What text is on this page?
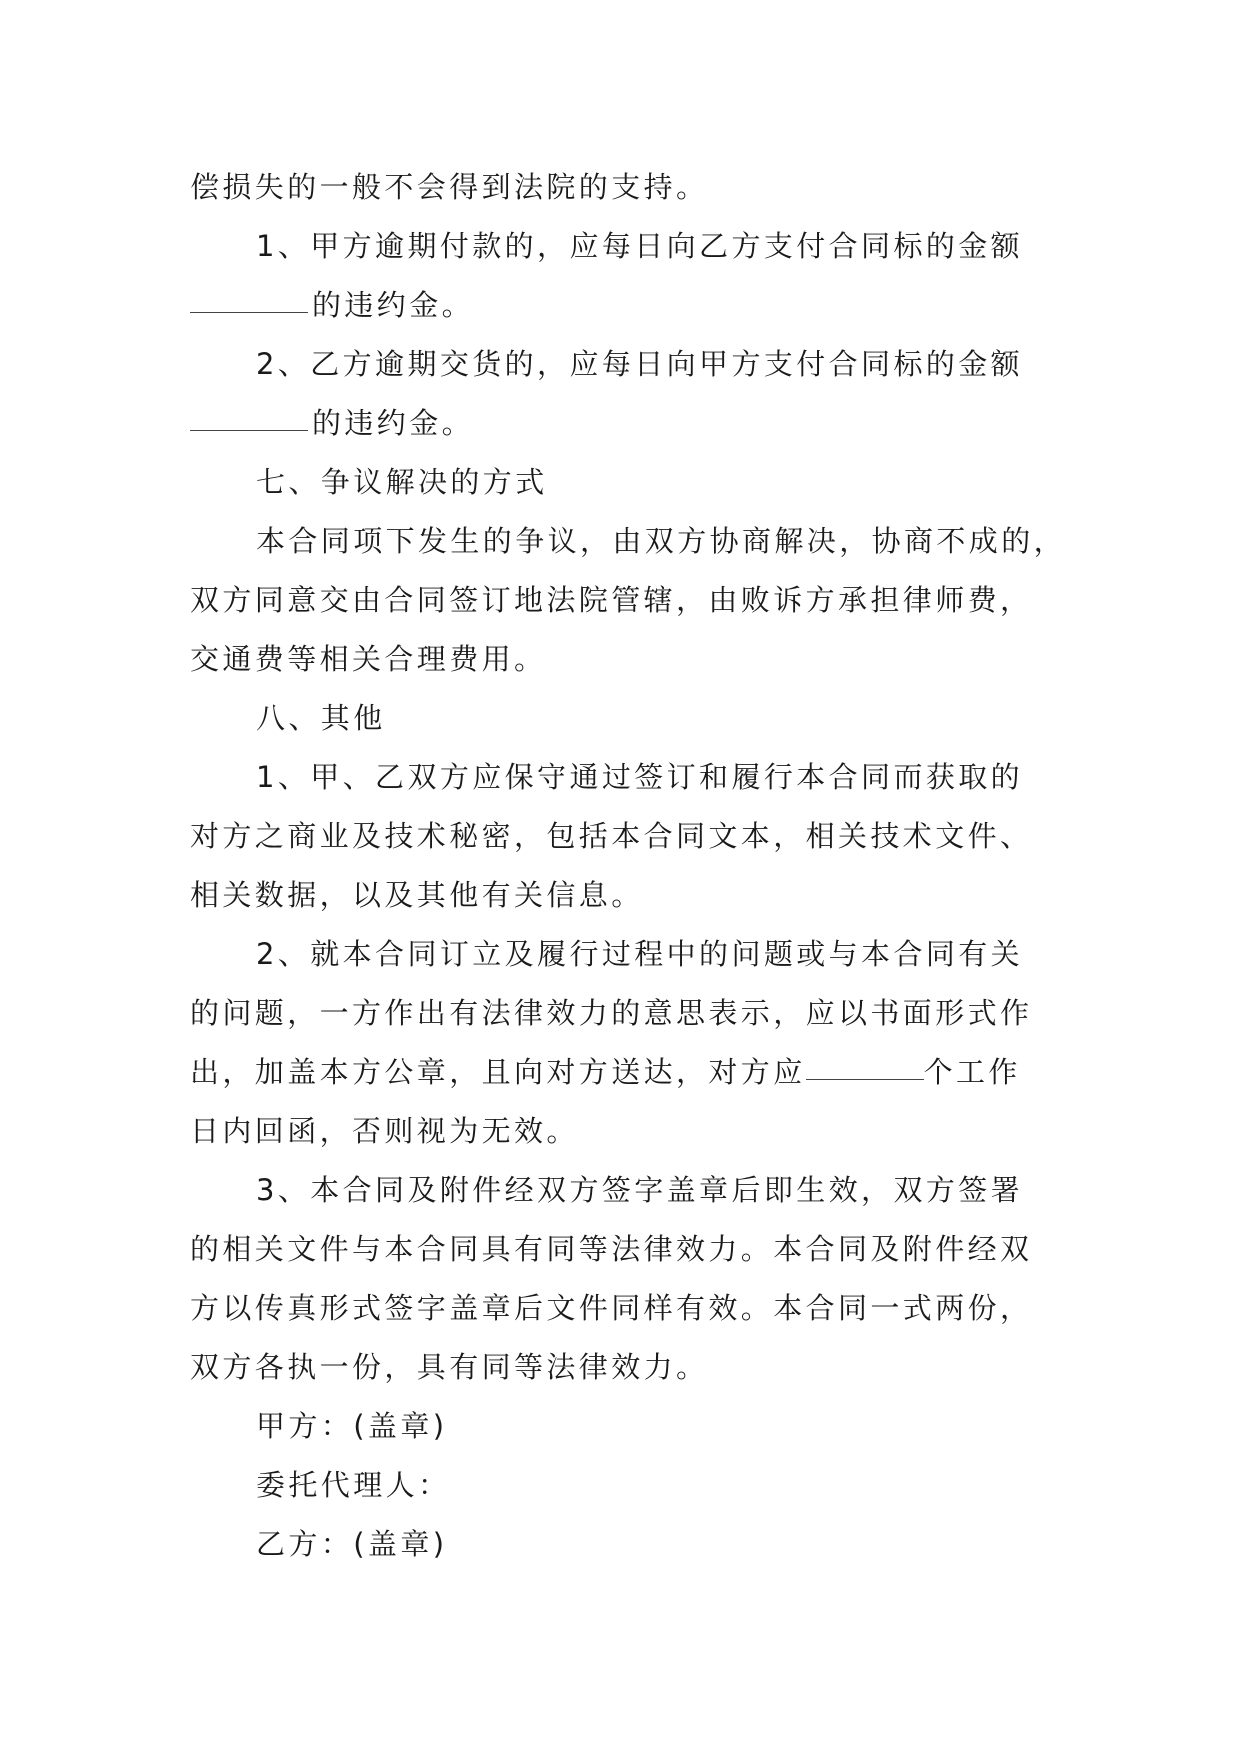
偿损失的一般不会得到法院的支持。
1、甲方逾期付款的，应每日向乙方支付合同标的金额
的违约金。
2、乙方逾期交货的，应每日向甲方支付合同标的金额
的违约金。
七、争议解决的方式
本合同项下发生的争议，由双方协商解决，协商不成的，
双方同意交由合同签订地法院管辖，由败诉方承担律师费，
交通费等相关合理费用。
八、其他
1、甲、乙双方应保守通过签订和履行本合同而获取的
对方之商业及技术秘密，包括本合同文本，相关技术文件、
相关数据，以及其他有关信息。
2、就本合同订立及履行过程中的问题或与本合同有关
的问题，一方作出有法律效力的意思表示，应以书面形式作
出，加盖本方公章，且向对方送达，对方应	个工作
日内回函，否则视为无效。
3、本合同及附件经双方签字盖章后即生效，双方签署
的相关文件与本合同具有同等法律效力。本合同及附件经双
方以传真形式签字盖章后文件同样有效。本合同一式两份，
双方各执一份，具有同等法律效力。
甲方：(盖章)
委托代理人：
乙方：(盖章)
